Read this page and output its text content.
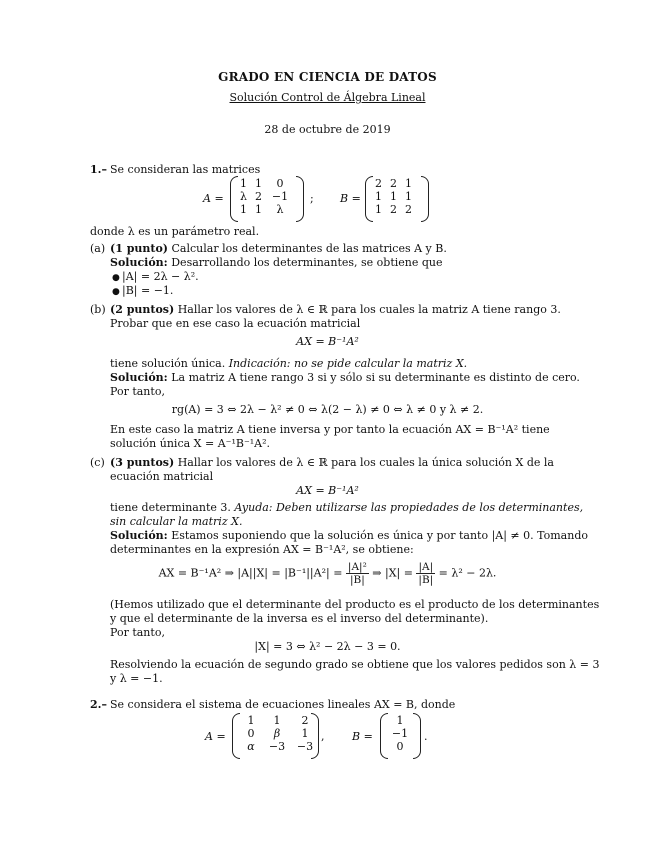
GRADO EN CIENCIA DE DATOS
Solución Control de Álgebra Lineal
28 de octubre de 2019
1.– Se consideran las matrices
A =
1	1	0
λ	2	−1
1	1	λ
; B =
2	2	1
1	1	1
1	2	2
donde λ es un parámetro real.
(a) (1 punto) Calcular los determinantes de las matrices A y B.
Solución: Desarrollando los determinantes, se obtiene que
● |A| = 2λ − λ².
● |B| = −1.
(b) (2 puntos) Hallar los valores de λ ∈ ℝ para los cuales la matriz A tiene rango 3.
Probar que en ese caso la ecuación matricial
AX = B⁻¹A²
tiene solución única. Indicación: no se pide calcular la matriz X.
Solución: La matriz A tiene rango 3 si y sólo si su determinante es distinto de cero.
Por tanto,
rg(A) = 3 ⇔ 2λ − λ² ≠ 0 ⇔ λ(2 − λ) ≠ 0 ⇔ λ ≠ 0 y λ ≠ 2.
En este caso la matriz A tiene inversa y por tanto la ecuación AX = B⁻¹A² tiene
solución única X = A⁻¹B⁻¹A².
(c) (3 puntos) Hallar los valores de λ ∈ ℝ para los cuales la única solución X de la
ecuación matricial
AX = B⁻¹A²
tiene determinante 3. Ayuda: Deben utilizarse las propiedades de los determinantes,
sin calcular la matriz X.
Solución: Estamos suponiendo que la solución es única y por tanto |A| ≠ 0. Tomando
determinantes en la expresión AX = B⁻¹A², se obtiene:
AX = B⁻¹A² ⇒ $|A||X| = |B^{-1}||A^2| = \frac{\text{|A|²}}{|B|}$ ⇒ $|X| = \frac{|A|}{|B|} = \lambda^2 - 2\lambda$.
(Hemos utilizado que el determinante del producto es el producto de los determinantes
y que el determinante de la inversa es el inverso del determinante).
Por tanto,
|X| = 3 ⇔ λ² − 2λ − 3 = 0.
Resolviendo la ecuación de segundo grado se obtiene que los valores pedidos son λ = 3
y λ = −1.
2.– Se considera el sistema de ecuaciones lineales AX = B, donde
A =
1	1	2
0	β	1
α	−3	−3
,	B =
1
−1
0
.
